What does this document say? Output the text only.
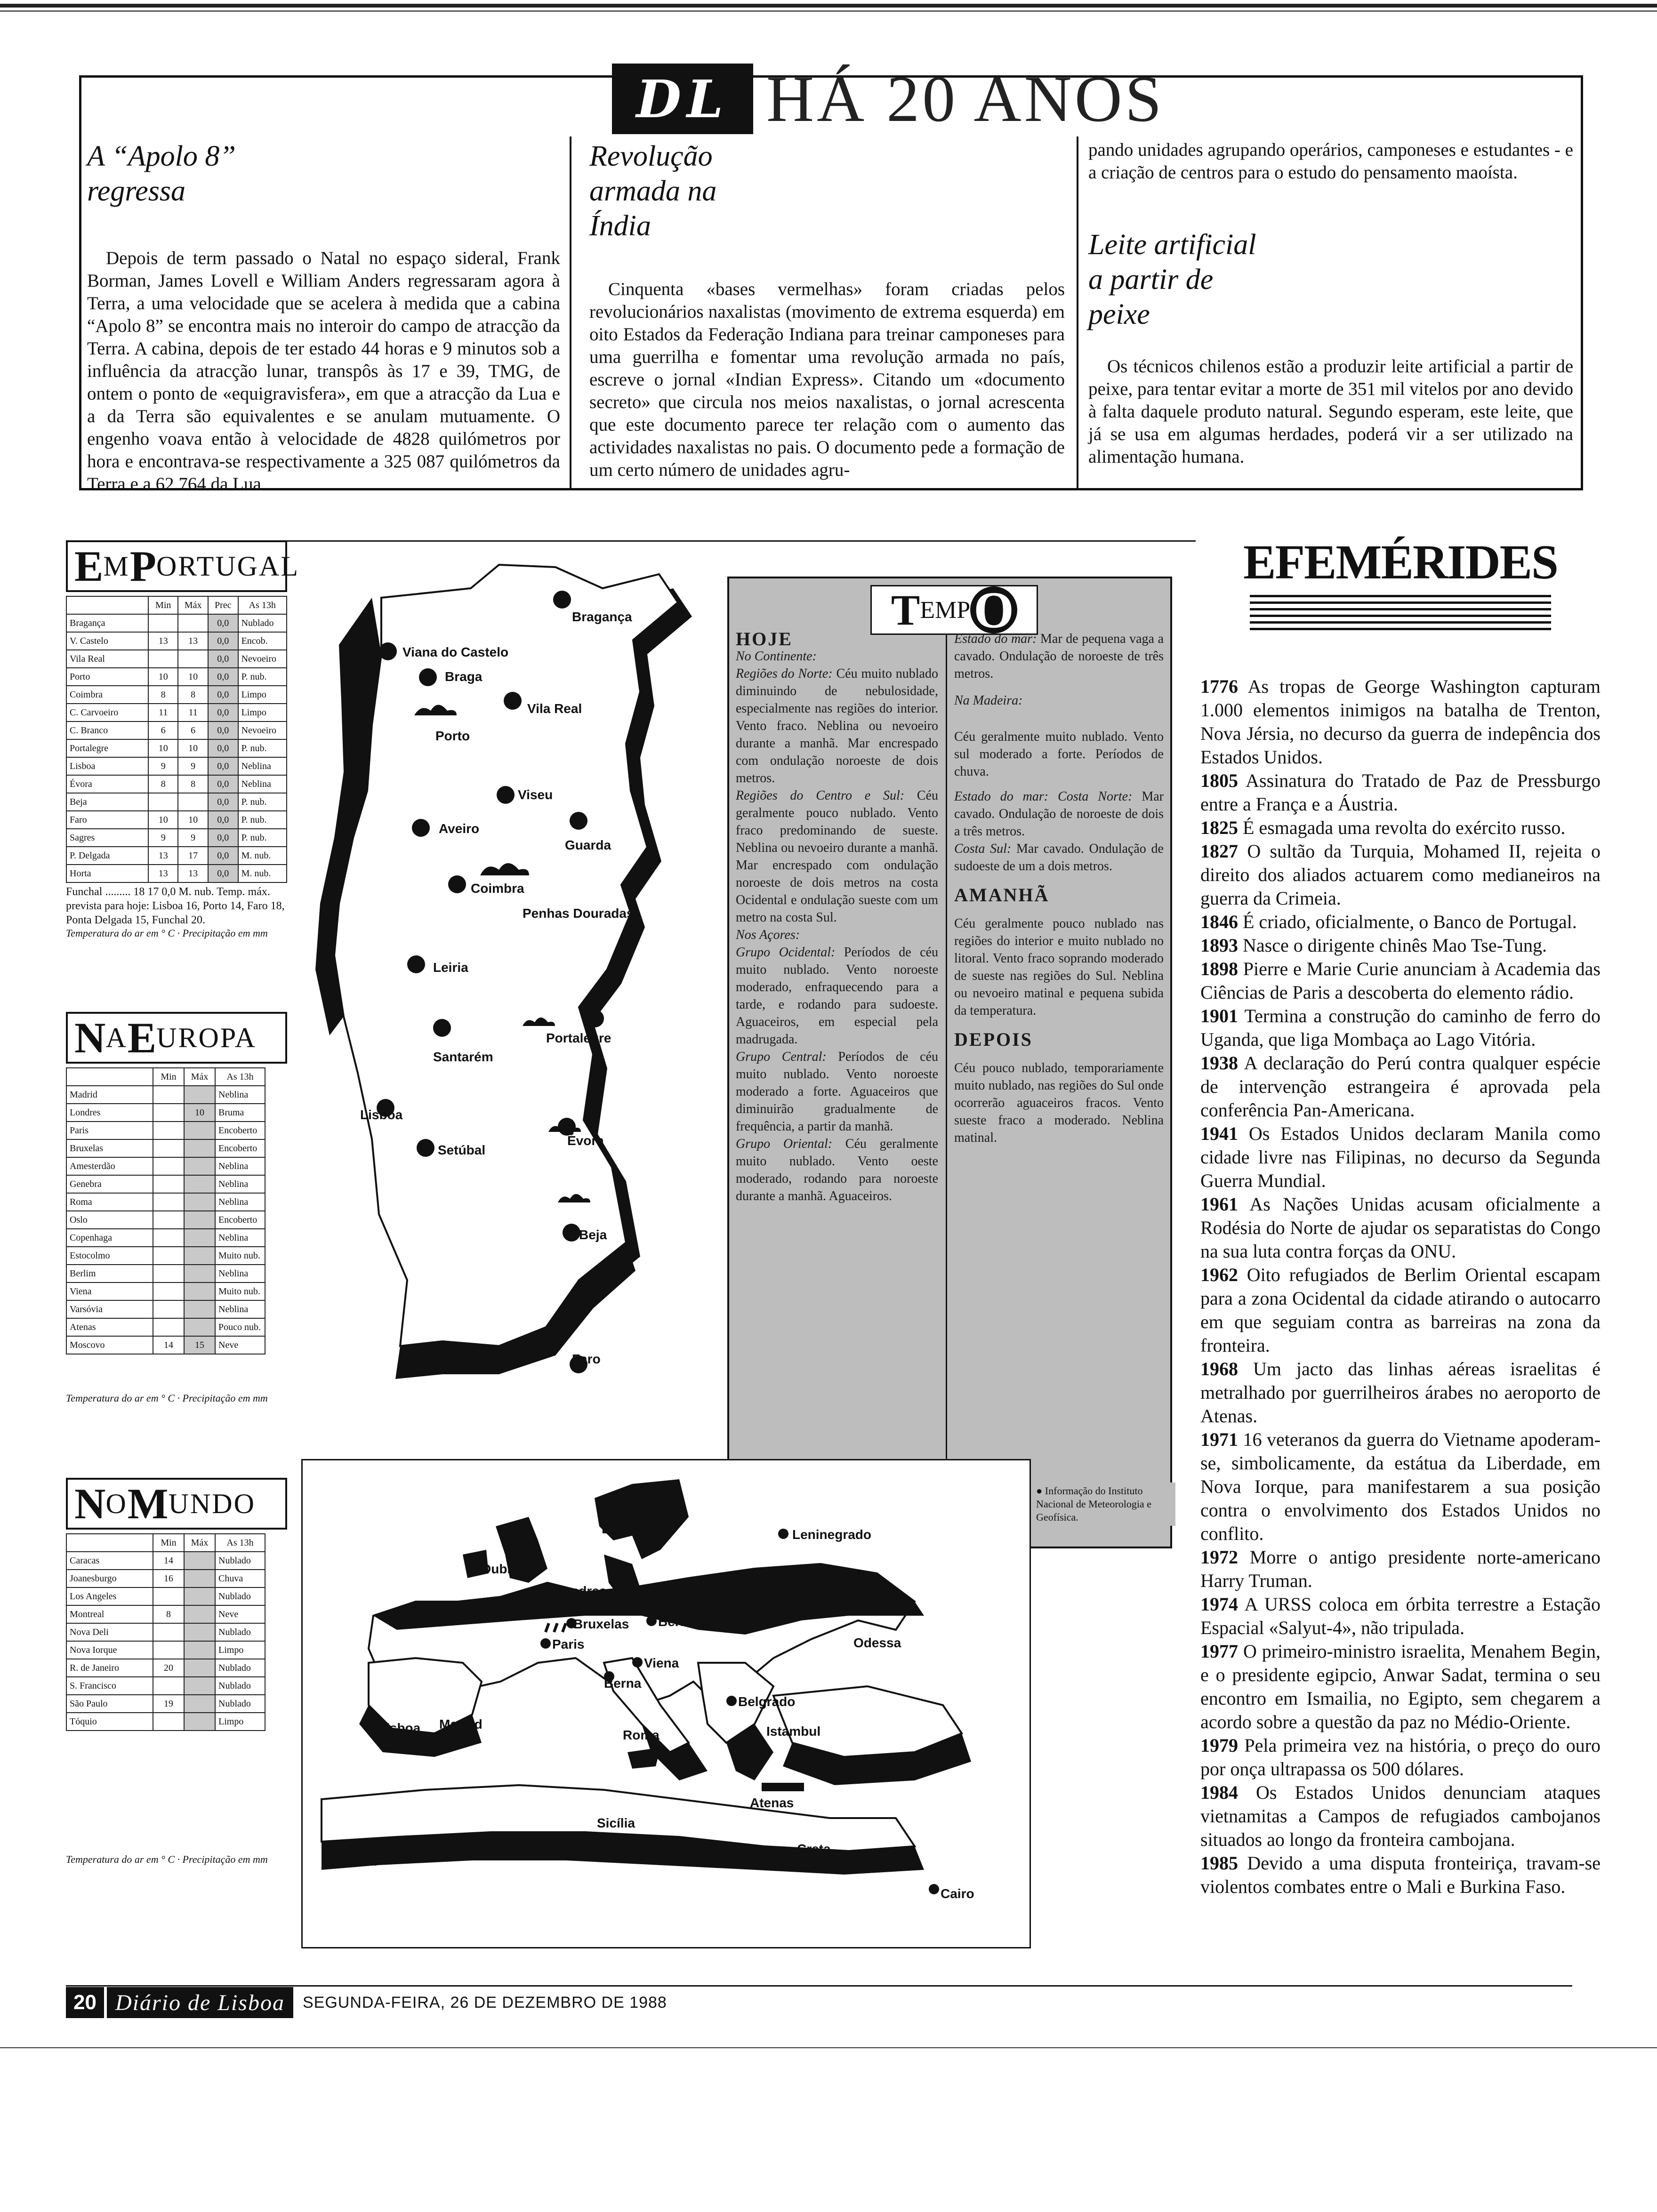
DL HÁ 20 ANOS
A “Apolo 8” regressa
Depois de term passado o Natal no espaço sideral, Frank Borman, James Lovell e William Anders regressaram agora à Terra, a uma velocidade que se acelera à medida que a cabina “Apolo 8” se encontra mais no interoir do campo de atracção da Terra. A cabina, depois de ter estado 44 horas e 9 minutos sob a influência da atracção lunar, transpôs às 17 e 39, TMG, de ontem o ponto de «equigravisfera», em que a atracção da Lua e a da Terra são equivalentes e se anulam mutuamente. O engenho voava então à velocidade de 4828 quilómetros por hora e encontrava-se respectivamente a 325 087 quilómetros da Terra e a 62 764 da Lua.
Revolução armada na Índia
Cinquenta «bases vermelhas» foram criadas pelos revolucionários naxalistas (movimento de extrema esquerda) em oito Estados da Federação Indiana para treinar camponeses para uma guerrilha e fomentar uma revolução armada no país, escreve o jornal «Indian Express». Citando um «documento secreto» que circula nos meios naxalistas, o jornal acrescenta que este documento parece ter relação com o aumento das actividades naxalistas no pais. O documento pede a formação de um certo número de unidades agru-
pando unidades agrupando operários, camponeses e estudantes - e a criação de centros para o estudo do pensamento maoísta.
Leite artificial a partir de peixe
Os técnicos chilenos estão a produzir leite artificial a partir de peixe, para tentar evitar a morte de 351 mil vitelos por ano devido à falta daquele produto natural. Segundo esperam, este leite, que já se usa em algumas herdades, poderá vir a ser utilizado na alimentação humana.
E M P ORTUGAL
	Min	Máx	Prec	As 13h
Bragança			0,0	Nublado
V. Castelo	13	13	0,0	Encob.
Vila Real			0,0	Nevoeiro
Porto	10	10	0,0	P. nub.
Coimbra	8	8	0,0	Limpo
C. Carvoeiro	11	11	0,0	Limpo
C. Branco	6	6	0,0	Nevoeiro
Portalegre	10	10	0,0	P. nub.
Lisboa	9	9	0,0	Neblina
Évora	8	8	0,0	Neblina
Beja			0,0	P. nub.
Faro	10	10	0,0	P. nub.
Sagres	9	9	0,0	P. nub.
P. Delgada	13	17	0,0	M. nub.
Horta	13	13	0,0	M. nub.
Funchal ......... 18 17 0,0 M. nub. Temp. máx. prevista para hoje: Lisboa 16, Porto 14, Faro 18, Ponta Delgada 15, Funchal 20.
Temperatura do ar em ° C · Precipitação em mm
N A E UROPA
	Min	Máx	As 13h
Madrid			Neblina
Londres		10	Bruma
Paris			Encoberto
Bruxelas			Encoberto
Amesterdão			Neblina
Genebra			Neblina
Roma			Neblina
Oslo			Encoberto
Copenhaga			Neblina
Estocolmo			Muito nub.
Berlim			Neblina
Viena			Muito nub.
Varsóvia			Neblina
Atenas			Pouco nub.
Moscovo	14	15	Neve
Temperatura do ar em ° C · Precipitação em mm
N O M UNDO
	Min	Máx	As 13h
Caracas	14		Nublado
Joanesburgo	16		Chuva
Los Angeles			Nublado
Montreal	8		Neve
Nova Deli			Nublado
Nova Iorque			Limpo
R. de Janeiro	20		Nublado
S. Francisco			Nublado
São Paulo	19		Nublado
Tóquio			Limpo
Temperatura do ar em ° C · Precipitação em mm
Bragança
Viana do Castelo
Braga
Vila Real
Porto
Viseu
Aveiro
Guarda
Coimbra
Penhas Douradas
Leiria
Portalegre
Santarém
Lisboa
Évora
Setúbal
Beja
Faro
T EMP O
HOJE
No Continente:
Regiões do Norte: Céu muito nublado diminuindo de nebulosidade, especialmente nas regiões do interior. Vento fraco. Neblina ou nevoeiro durante a manhã. Mar encrespado com ondulação noroeste de dois metros.
Regiões do Centro e Sul: Céu geralmente pouco nublado. Vento fraco predominando de sueste. Neblina ou nevoeiro durante a manhã. Mar encrespado com ondulação noroeste de dois metros na costa Ocidental e ondulação sueste com um metro na costa Sul.
Nos Açores:
Grupo Ocidental: Períodos de céu muito nublado. Vento noroeste moderado, enfraquecendo para a tarde, e rodando para sudoeste. Aguaceiros, em especial pela madrugada.
Grupo Central: Períodos de céu muito nublado. Vento noroeste moderado a forte. Aguaceiros que diminuirão gradualmente de frequência, a partir da manhã.
Grupo Oriental: Céu geralmente muito nublado. Vento oeste moderado, rodando para noroeste durante a manhã. Aguaceiros.
Estado do mar: Mar de pequena vaga a cavado. Ondulação de noroeste de três metros.
Na Madeira:
Céu geralmente muito nublado. Vento sul moderado a forte. Períodos de chuva.
Estado do mar: Costa Norte: Mar cavado. Ondulação de noroeste de dois a três metros.
Costa Sul: Mar cavado. Ondulação de sudoeste de um a dois metros.
AMANHÃ
Céu geralmente pouco nublado nas regiões do interior e muito nublado no litoral. Vento fraco soprando moderado de sueste nas regiões do Sul. Neblina ou nevoeiro matinal e pequena subida da temperatura.
DEPOIS
Céu pouco nublado, temporariamente muito nublado, nas regiões do Sul onde ocorrerão aguaceiros fracos. Vento sueste fraco a moderado. Neblina matinal.
● Informação do Instituto Nacional de Meteorologia e Geofísica.
Oslo
Estocolmo	Leninegrado
Dublin
Londres
Moscovo
Bruxelas Berlim
Paris	Odessa
Viena
Berna
Belgrado
Lisboa Madrid
Roma	Istambul
Atenas
Sicília
Creta
Marraquexe
Cairo
EFEMÉRIDES

1776 As tropas de George Washington capturam 1.000 elementos inimigos na batalha de Trenton, Nova Jérsia, no decurso da guerra de indepência dos Estados Unidos.

1805 Assinatura do Tratado de Paz de Pressburgo entre a França e a Áustria.

1825 É esmagada uma revolta do exército russo.

1827 O sultão da Turquia, Mohamed II, rejeita o direito dos aliados actuarem como medianeiros na guerra da Crimeia.

1846 É criado, oficialmente, o Banco de Portugal.

1893 Nasce o dirigente chinês Mao Tse-Tung.

1898 Pierre e Marie Curie anunciam à Academia das Ciências de Paris a descoberta do elemento rádio.

1901 Termina a construção do caminho de ferro do Uganda, que liga Mombaça ao Lago Vitória.

1938 A declaração do Perú contra qualquer espécie de intervenção estrangeira é aprovada pela conferência Pan-Americana.

1941 Os Estados Unidos declaram Manila como cidade livre nas Filipinas, no decurso da Segunda Guerra Mundial.

1961 As Nações Unidas acusam oficialmente a Rodésia do Norte de ajudar os separatistas do Congo na sua luta contra forças da ONU.

1962 Oito refugiados de Berlim Oriental escapam para a zona Ocidental da cidade atirando o autocarro em que seguiam contra as barreiras na zona da fronteira.

1968 Um jacto das linhas aéreas israelitas é metralhado por guerrilheiros árabes no aeroporto de Atenas.

1971 16 veteranos da guerra do Vietname apoderam-se, simbolicamente, da estátua da Liberdade, em Nova Iorque, para manifestarem a sua posição contra o envolvimento dos Estados Unidos no conflito.

1972 Morre o antigo presidente norte-americano Harry Truman.

1974 A URSS coloca em órbita terrestre a Estação Espacial «Salyut-4», não tripulada.

1977 O primeiro-ministro israelita, Menahem Begin, e o presidente egipcio, Anwar Sadat, termina o seu encontro em Ismailia, no Egipto, sem chegarem a acordo sobre a questão da paz no Médio-Oriente.

1979 Pela primeira vez na história, o preço do ouro por onça ultrapassa os 500 dólares.

1984 Os Estados Unidos denunciam ataques vietnamitas a Campos de refugiados cambojanos situados ao longo da fronteira cambojana.

1985 Devido a uma disputa fronteiriça, travam-se violentos combates entre o Mali e Burkina Faso.

20 Diário de Lisboa	SEGUNDA-FEIRA, 26 DE DEZEMBRO DE 1988
